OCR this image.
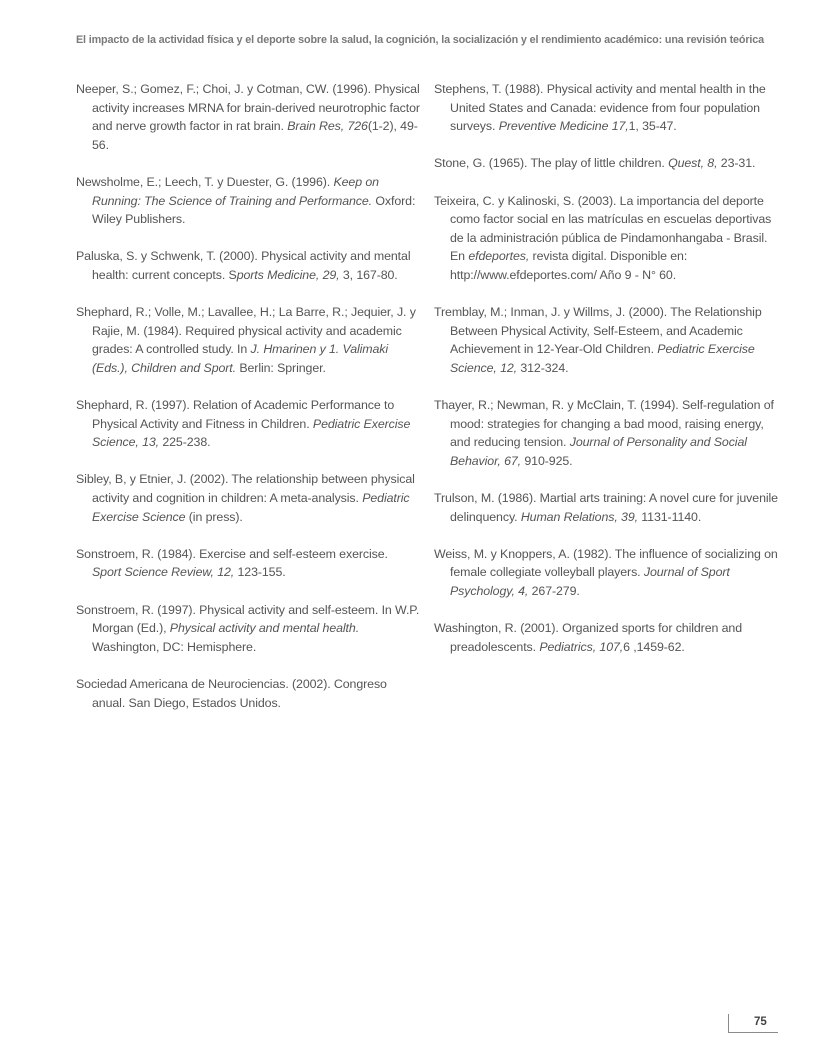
El impacto de la actividad física y el deporte sobre la salud, la cognición, la socialización y el rendimiento académico: una revisión teórica

Neeper, S.; Gomez, F.; Choi, J. y Cotman, CW. (1996). Physical activity increases MRNA for brain-derived neurotrophic factor and nerve growth factor in rat brain. Brain Res, 726(1-2), 49-56.

Newsholme, E.; Leech, T. y Duester, G. (1996). Keep on Running: The Science of Training and Performance. Oxford: Wiley Publishers.

Paluska, S. y Schwenk, T. (2000). Physical activity and mental health: current concepts. Sports Medicine, 29, 3, 167-80.

Shephard, R.; Volle, M.; Lavallee, H.; La Barre, R.; Jequier, J. y Rajie, M. (1984). Required physical activity and academic grades: A controlled study. In J. Hmarinen y 1. Valimaki (Eds.), Children and Sport. Berlin: Springer.

Shephard, R. (1997). Relation of Academic Performance to Physical Activity and Fitness in Children. Pediatric Exercise Science, 13, 225-238.

Sibley, B, y Etnier, J. (2002). The relationship between physical activity and cognition in children: A meta-analysis. Pediatric Exercise Science (in press).

Sonstroem, R. (1984). Exercise and self-esteem exercise. Sport Science Review, 12, 123-155.

Sonstroem, R. (1997). Physical activity and self-esteem. In W.P. Morgan (Ed.), Physical activity and mental health. Washington, DC: Hemisphere.

Sociedad Americana de Neurociencias. (2002). Congreso anual. San Diego, Estados Unidos.

Stephens, T. (1988). Physical activity and mental health in the United States and Canada: evidence from four population surveys. Preventive Medicine 17,1, 35-47.

Stone, G. (1965). The play of little children. Quest, 8, 23-31.

Teixeira, C. y Kalinoski, S. (2003). La importancia del deporte como factor social en las matrículas en escuelas deportivas de la administración pública de Pindamonhangaba - Brasil. En efdeportes, revista digital. Disponible en: http://www.efdeportes.com/ Año 9 - N° 60.

Tremblay, M.; Inman, J. y Willms, J. (2000). The Relationship Between Physical Activity, Self-Esteem, and Academic Achievement in 12-Year-Old Children. Pediatric Exercise Science, 12, 312-324.

Thayer, R.; Newman, R. y McClain, T. (1994). Self-regulation of mood: strategies for changing a bad mood, raising energy, and reducing tension. Journal of Personality and Social Behavior, 67, 910-925.

Trulson, M. (1986). Martial arts training: A novel cure for juvenile delinquency. Human Relations, 39, 1131-1140.

Weiss, M. y Knoppers, A. (1982). The influence of socializing on female collegiate volleyball players. Journal of Sport Psychology, 4, 267-279.

Washington, R. (2001). Organized sports for children and preadolescents. Pediatrics, 107,6 ,1459-62.

75
